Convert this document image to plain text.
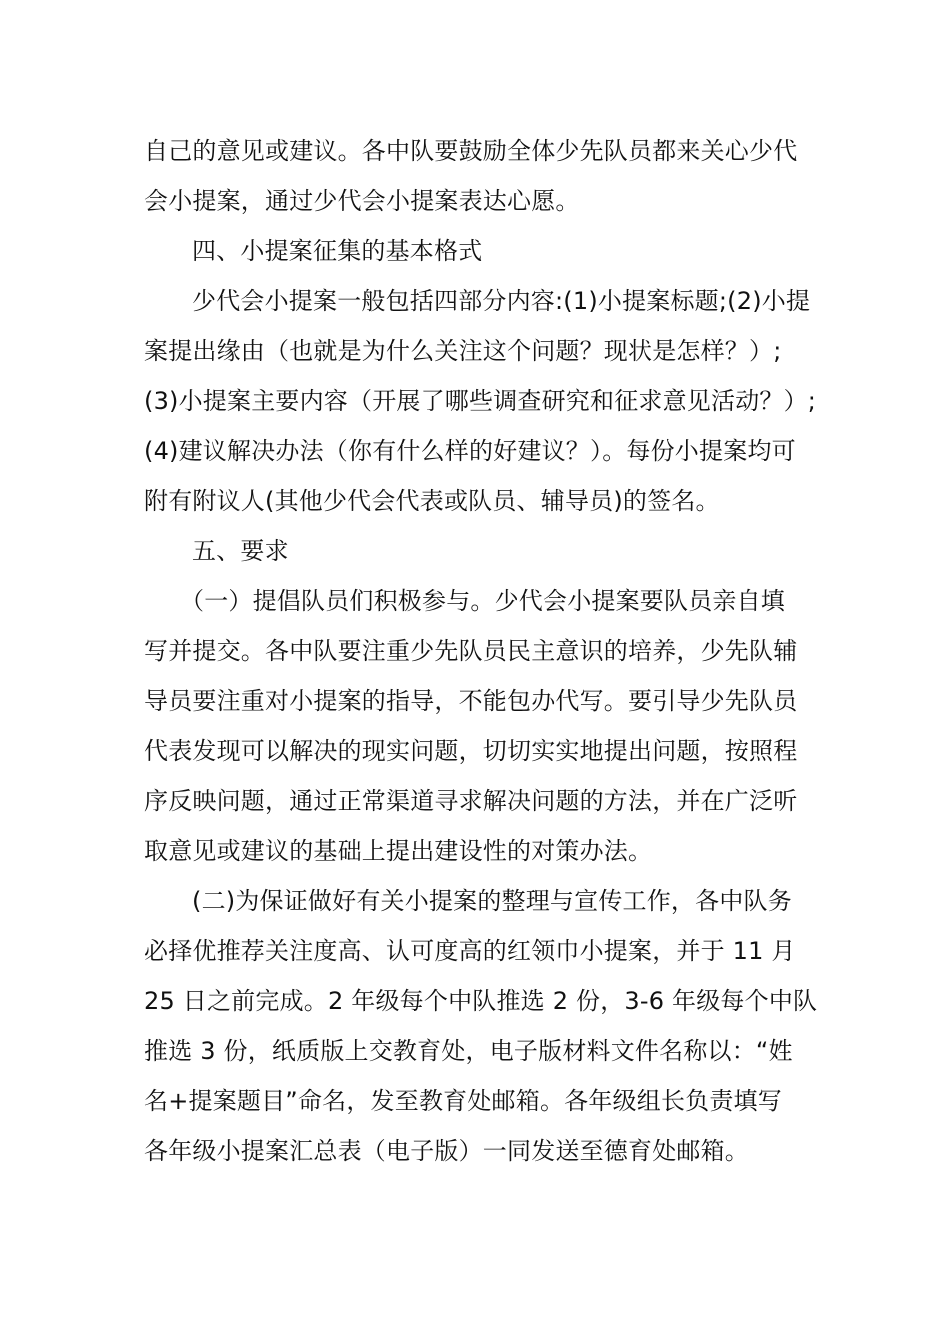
自己的意见或建议。各中队要鼓励全体少先队员都来关心少代
会小提案，通过少代会小提案表达心愿。
四、小提案征集的基本格式
少代会小提案一般包括四部分内容:(1)小提案标题;(2)小提
案提出缘由（也就是为什么关注这个问题？现状是怎样？）;
(3)小提案主要内容（开展了哪些调查研究和征求意见活动？）;
(4)建议解决办法（你有什么样的好建议？）。每份小提案均可
附有附议人(其他少代会代表或队员、辅导员)的签名。
五、要求
（一）提倡队员们积极参与。少代会小提案要队员亲自填
写并提交。各中队要注重少先队员民主意识的培养，少先队辅
导员要注重对小提案的指导，不能包办代写。要引导少先队员
代表发现可以解决的现实问题，切切实实地提出问题，按照程
序反映问题，通过正常渠道寻求解决问题的方法，并在广泛听
取意见或建议的基础上提出建设性的对策办法。
(二)为保证做好有关小提案的整理与宣传工作，各中队务
必择优推荐关注度高、认可度高的红领巾小提案，并于 11 月
25 日之前完成。2 年级每个中队推选 2 份，3-6 年级每个中队
推选 3 份，纸质版上交教育处，电子版材料文件名称以：“姓
名+提案题目”命名，发至教育处邮箱。各年级组长负责填写
各年级小提案汇总表（电子版）一同发送至德育处邮箱。
